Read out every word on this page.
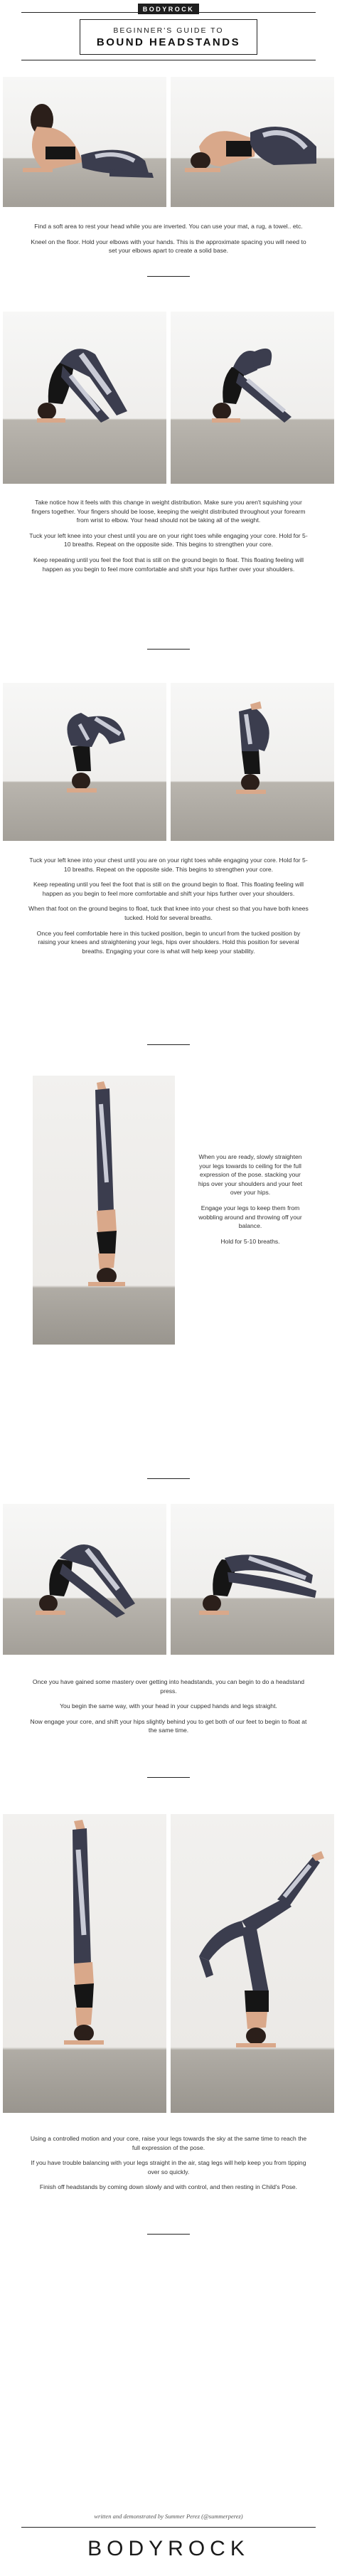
BODYROCK
BEGINNER'S GUIDE TO
BOUND HEADSTANDS

Find a soft area to rest your head while you are inverted. You can use your mat, a rug, a towel.. etc.

Kneel on the floor. Hold your elbows with your hands. This is the approximate spacing you will need to set your elbows apart to create a solid base.

Take notice how it feels with this change in weight distribution. Make sure you aren't squishing your fingers together. Your fingers should be loose, keeping the weight distributed throughout your forearm from wrist to elbow. Your head should not be taking all of the weight.

Tuck your left knee into your chest until you are on your right toes while engaging your core. Hold for 5-10 breaths. Repeat on the opposite side. This begins to strengthen your core.

Keep repeating until you feel the foot that is still on the ground begin to float. This floating feeling will happen as you begin to feel more comfortable and shift your hips further over your shoulders.

Tuck your left knee into your chest until you are on your right toes while engaging your core. Hold for 5-10 breaths. Repeat on the opposite side. This begins to strengthen your core.

Keep repeating until you feel the foot that is still on the ground begin to float. This floating feeling will happen as you begin to feel more comfortable and shift your hips further over your shoulders.

When that foot on the ground begins to float, tuck that knee into your chest so that you have both knees tucked. Hold for several breaths.

Once you feel comfortable here in this tucked position, begin to uncurl from the tucked position by raising your knees and straightening your legs, hips over shoulders. Hold this position for several breaths. Engaging your core is what will help keep your stability.

When you are ready, slowly straighten your legs towards to ceiling for the full expression of the pose. stacking your hips over your shoulders and your feet over your hips.

Engage your legs to keep them from wobbling around and throwing off your balance.

Hold for 5-10 breaths.

Once you have gained some mastery over getting into headstands, you can begin to do a headstand press.

You begin the same way, with your head in your cupped hands and legs straight.

Now engage your core, and shift your hips slightly behind you to get both of our feet to begin to float at the same time.

Using a controlled motion and your core, raise your legs towards the sky at the same time to reach the full expression of the pose.

If you have trouble balancing with your legs straight in the air, stag legs will help keep you from tipping over so quickly.

Finish off headstands by coming down slowly and with control, and then resting in Child's Pose.

written and demonstrated by Summer Perez (@summerperez)
BODYROCK
